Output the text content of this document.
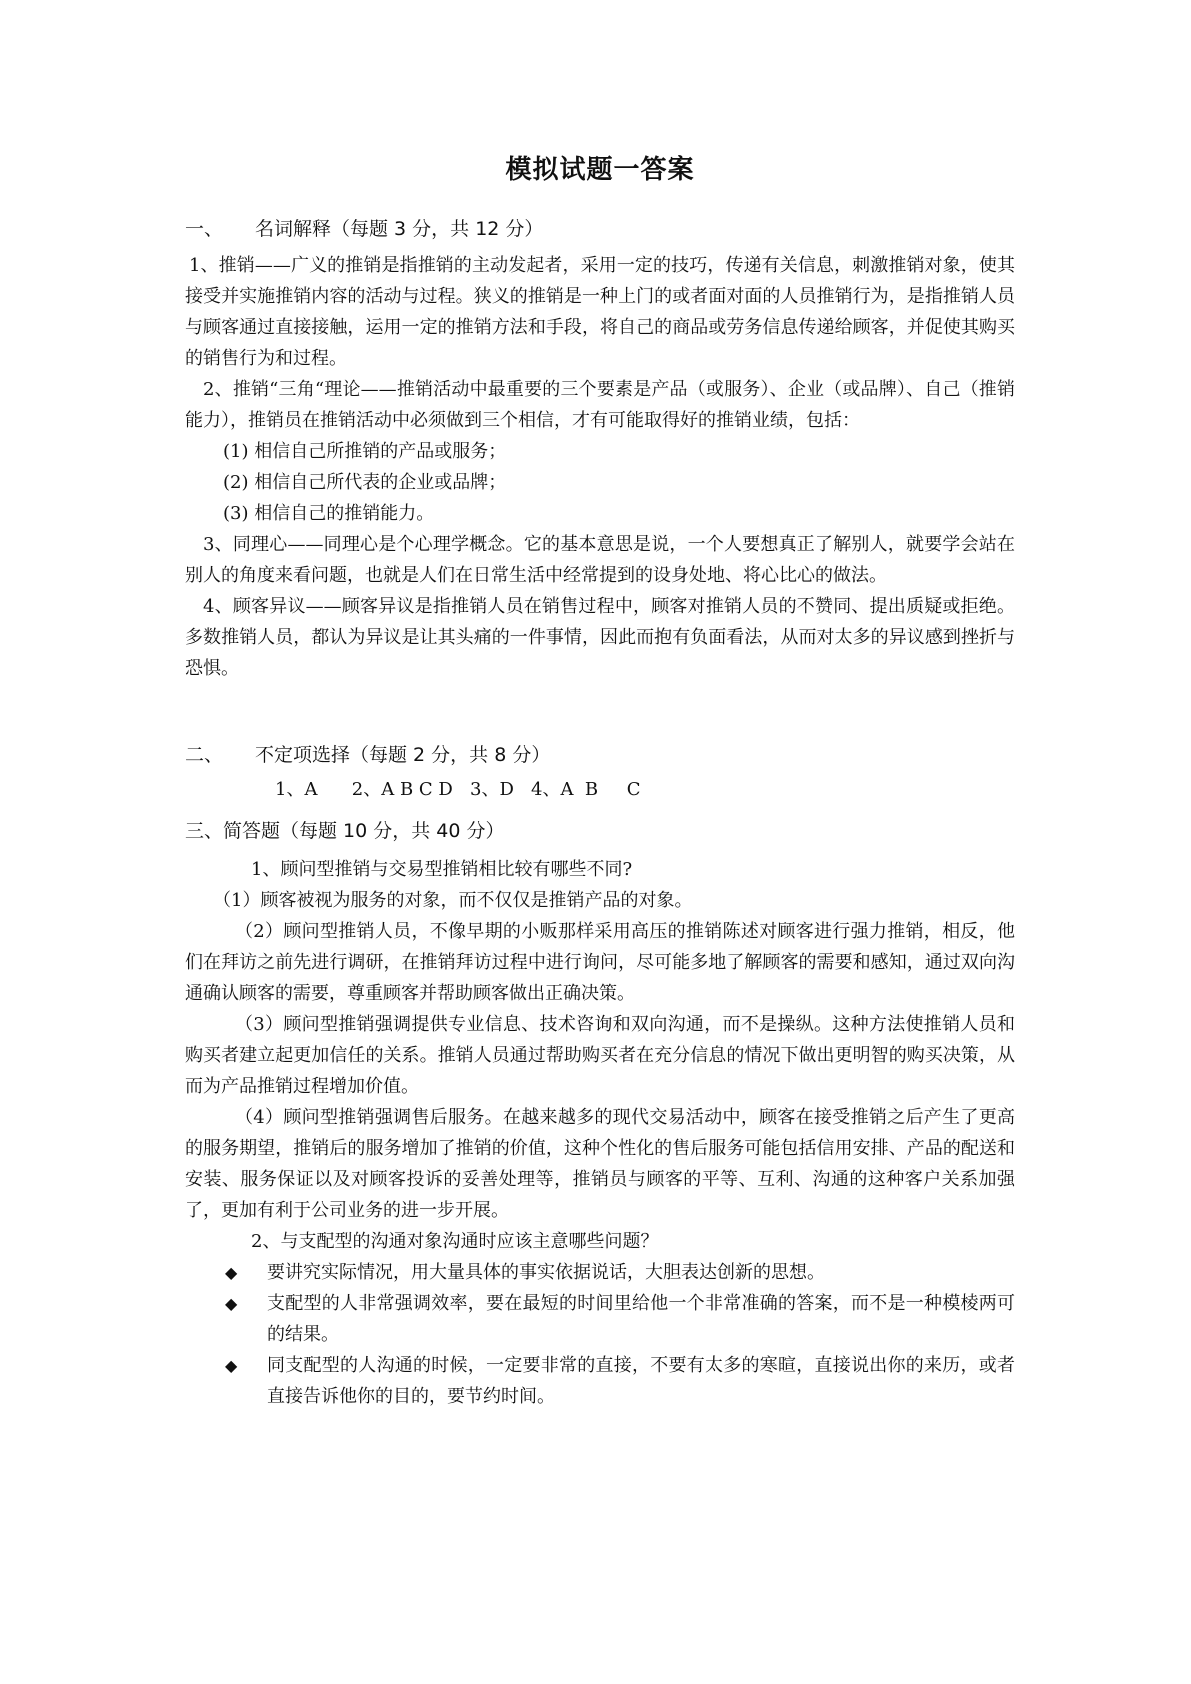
模拟试题一答案
一、 名词解释（每题 3 分，共 12 分）

1、推销——广义的推销是指推销的主动发起者，采用一定的技巧，传递有关信息，刺激推销对象，使其接受并实施推销内容的活动与过程。狭义的推销是一种上门的或者面对面的人员推销行为，是指推销人员与顾客通过直接接触，运用一定的推销方法和手段，将自己的商品或劳务信息传递给顾客，并促使其购买的销售行为和过程。

2、推销“三角“理论——推销活动中最重要的三个要素是产品（或服务）、企业（或品牌）、自己（推销能力），推销员在推销活动中必须做到三个相信，才有可能取得好的推销业绩，包括：

(1) 相信自己所推销的产品或服务；
(2) 相信自己所代表的企业或品牌；
(3) 相信自己的推销能力。

3、同理心——同理心是个心理学概念。它的基本意思是说，一个人要想真正了解别人，就要学会站在别人的角度来看问题，也就是人们在日常生活中经常提到的设身处地、将心比心的做法。

4、顾客异议——顾客异议是指推销人员在销售过程中，顾客对推销人员的不赞同、提出质疑或拒绝。多数推销人员，都认为异议是让其头痛的一件事情，因此而抱有负面看法，从而对太多的异议感到挫折与恐惧。

二、 不定项选择（每题 2 分，共 8 分）
1、A      2、A B C D   3、D   4、A  B     C
三、简答题（每题 10 分，共 40 分）

1、顾问型推销与交易型推销相比较有哪些不同?

（1）顾客被视为服务的对象，而不仅仅是推销产品的对象。

（2）顾问型推销人员，不像早期的小贩那样采用高压的推销陈述对顾客进行强力推销，相反，他们在拜访之前先进行调研，在推销拜访过程中进行询问，尽可能多地了解顾客的需要和感知，通过双向沟通确认顾客的需要，尊重顾客并帮助顾客做出正确决策。

（3）顾问型推销强调提供专业信息、技术咨询和双向沟通，而不是操纵。这种方法使推销人员和购买者建立起更加信任的关系。推销人员通过帮助购买者在充分信息的情况下做出更明智的购买决策，从而为产品推销过程增加价值。

（4）顾问型推销强调售后服务。在越来越多的现代交易活动中，顾客在接受推销之后产生了更高的服务期望，推销后的服务增加了推销的价值，这种个性化的售后服务可能包括信用安排、产品的配送和安装、服务保证以及对顾客投诉的妥善处理等，推销员与顾客的平等、互利、沟通的这种客户关系加强了，更加有利于公司业务的进一步开展。

2、与支配型的沟通对象沟通时应该主意哪些问题？

◆	要讲究实际情况，用大量具体的事实依据说话，大胆表达创新的思想。
◆	支配型的人非常强调效率，要在最短的时间里给他一个非常准确的答案，而不是一种模棱两可的结果。
◆	同支配型的人沟通的时候，一定要非常的直接，不要有太多的寒暄，直接说出你的来历，或者直接告诉他你的目的，要节约时间。
